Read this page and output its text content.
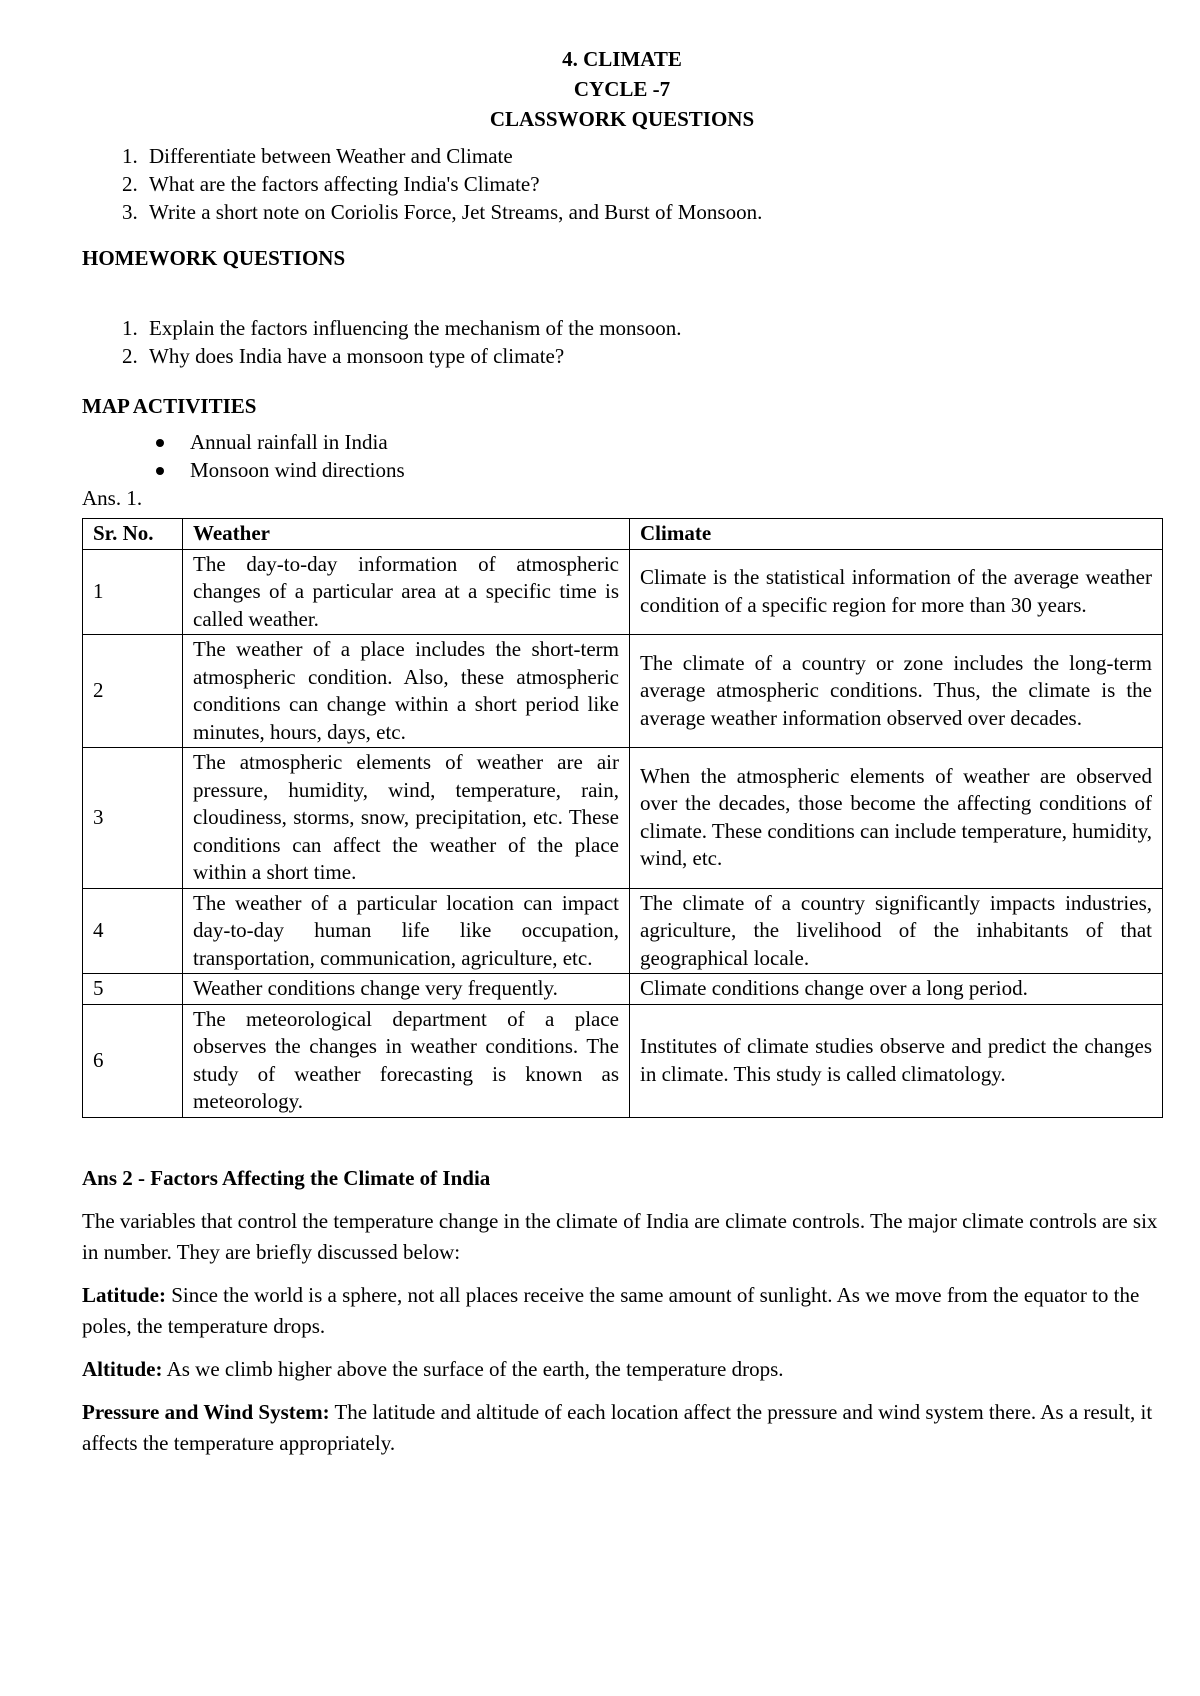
4. CLIMATE
CYCLE -7
CLASSWORK QUESTIONS
1. Differentiate between Weather and Climate
2. What are the factors affecting India's Climate?
3. Write a short note on Coriolis Force, Jet Streams, and Burst of Monsoon.
HOMEWORK QUESTIONS
1. Explain the factors influencing the mechanism of the monsoon.
2. Why does India have a monsoon type of climate?
MAP ACTIVITIES
Annual rainfall in India
Monsoon wind directions
Ans. 1.
Sr. No.	Weather	Climate
1	The day-to-day information of atmospheric changes of a particular area at a specific time is called weather.	Climate is the statistical information of the average weather condition of a specific region for more than 30 years.
2	The weather of a place includes the short-term atmospheric condition. Also, these atmospheric conditions can change within a short period like minutes, hours, days, etc.	The climate of a country or zone includes the long-term average atmospheric conditions. Thus, the climate is the average weather information observed over decades.
3	The atmospheric elements of weather are air pressure, humidity, wind, temperature, rain, cloudiness, storms, snow, precipitation, etc. These conditions can affect the weather of the place within a short time.	When the atmospheric elements of weather are observed over the decades, those become the affecting conditions of climate. These conditions can include temperature, humidity, wind, etc.
4	The weather of a particular location can impact day-to-day human life like occupation, transportation, communication, agriculture, etc.	The climate of a country significantly impacts industries, agriculture, the livelihood of the inhabitants of that geographical locale.
5	Weather conditions change very frequently.	Climate conditions change over a long period.
6	The meteorological department of a place observes the changes in weather conditions. The study of weather forecasting is known as meteorology.	Institutes of climate studies observe and predict the changes in climate. This study is called climatology.
Ans 2 - Factors Affecting the Climate of India

The variables that control the temperature change in the climate of India are climate controls. The major climate controls are six in number. They are briefly discussed below:

Latitude: Since the world is a sphere, not all places receive the same amount of sunlight. As we move from the equator to the poles, the temperature drops.

Altitude: As we climb higher above the surface of the earth, the temperature drops.

Pressure and Wind System: The latitude and altitude of each location affect the pressure and wind system there. As a result, it affects the temperature appropriately.
